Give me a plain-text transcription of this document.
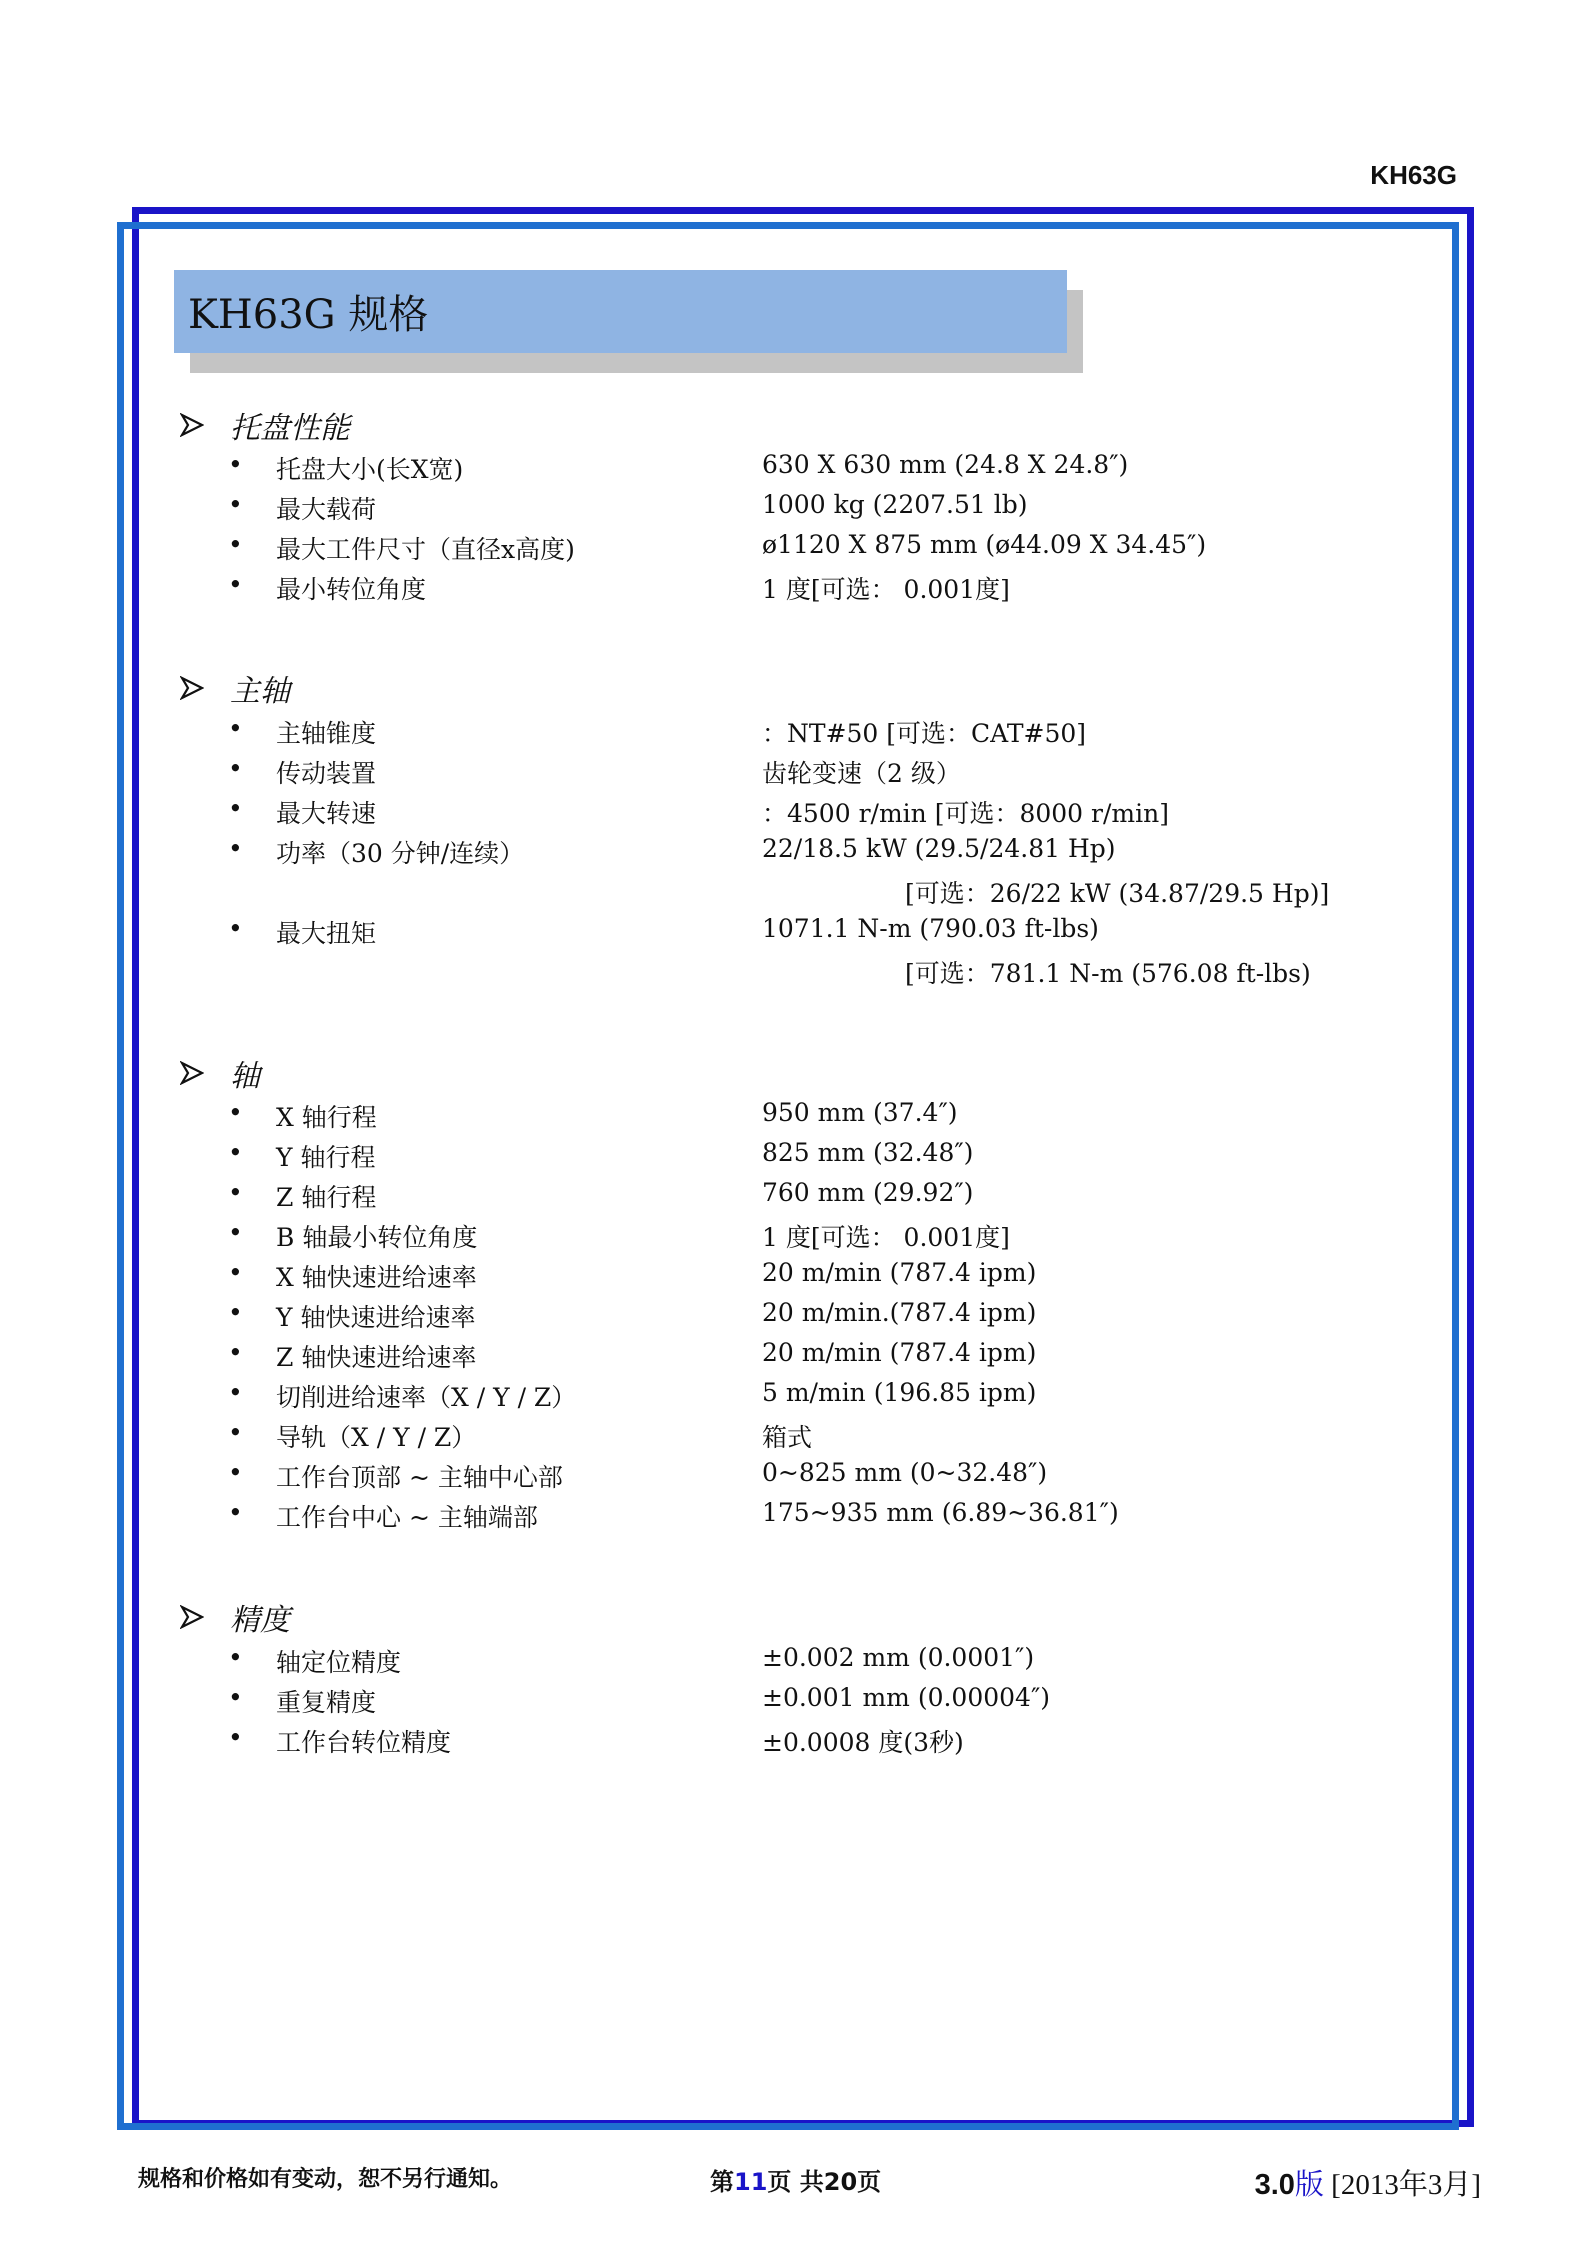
KH63G
KH63G 规格
托盘性能
• 托盘大小(长X宽)	630 X 630 mm (24.8 X 24.8″)
• 最大载荷	1000 kg (2207.51 lb)
• 最大工件尺寸（直径x高度)	ø1120 X 875 mm (ø44.09 X 34.45″)
• 最小转位角度	1 度[可选： 0.001度]
主轴
• 主轴锥度	：NT#50 [可选：CAT#50]
• 传动装置	齿轮变速（2 级）
• 最大转速	：4500 r/min [可选：8000 r/min]
• 功率（30 分钟/连续）	22/18.5 kW (29.5/24.81 Hp)
[可选：26/22 kW (34.87/29.5 Hp)]
• 最大扭矩	1071.1 N-m (790.03 ft-lbs)
[可选：781.1 N-m (576.08 ft-lbs)
轴
• X 轴行程	950 mm (37.4″)
• Y 轴行程	825 mm (32.48″)
• Z 轴行程	760 mm (29.92″)
• B 轴最小转位角度	1 度[可选： 0.001度]
• X 轴快速进给速率	20 m/min (787.4 ipm)
• Y 轴快速进给速率	20 m/min.(787.4 ipm)
• Z 轴快速进给速率	20 m/min (787.4 ipm)
• 切削进给速率（X / Y / Z）	5 m/min (196.85 ipm)
• 导轨（X / Y / Z）	箱式
• 工作台顶部 ~ 主轴中心部	0~825 mm (0~32.48″)
• 工作台中心 ~ 主轴端部	175~935 mm (6.89~36.81″)
精度
• 轴定位精度	±0.002 mm (0.0001″)
• 重复精度	±0.001 mm (0.00004″)
• 工作台转位精度	±0.0008 度(3秒)
规格和价格如有变动，恕不另行通知。	第11页 共20页	3.0版 [2013年3月]
